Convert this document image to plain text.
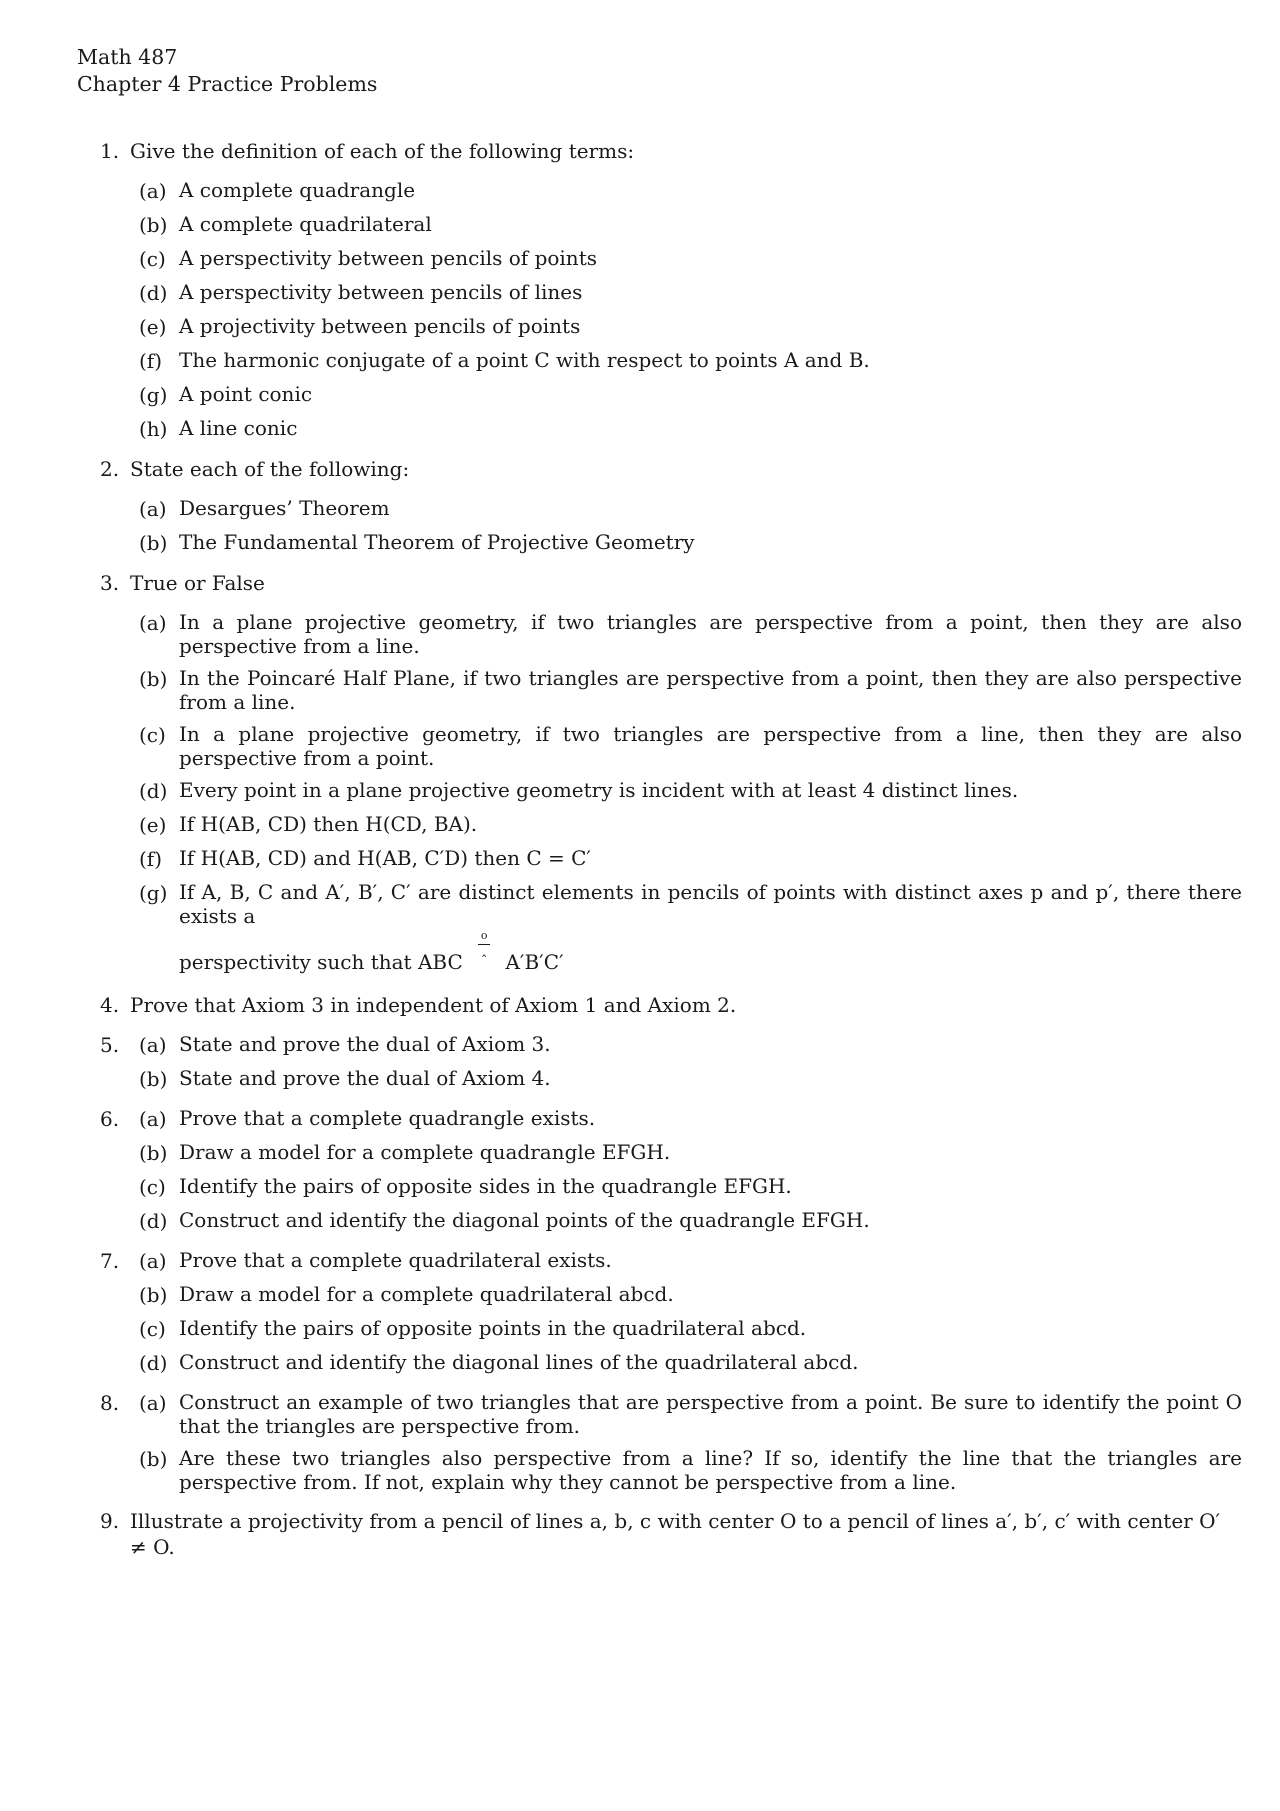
Math 487
Chapter 4 Practice Problems
1. Give the definition of each of the following terms:
(a) A complete quadrangle
(b) A complete quadrilateral
(c) A perspectivity between pencils of points
(d) A perspectivity between pencils of lines
(e) A projectivity between pencils of points
(f) The harmonic conjugate of a point C with respect to points A and B.
(g) A point conic
(h) A line conic
2. State each of the following:
(a) Desargues’ Theorem
(b) The Fundamental Theorem of Projective Geometry
3. True or False
(a) In a plane projective geometry, if two triangles are perspective from a point, then they are also perspective from a line.
(b) In the Poincaré Half Plane, if two triangles are perspective from a point, then they are also perspective from a line.
(c) In a plane projective geometry, if two triangles are perspective from a line, then they are also perspective from a point.
(d) Every point in a plane projective geometry is incident with at least 4 distinct lines.
(e) If H(AB, CD) then H(CD, BA).
(f) If H(AB, CD) and H(AB, C′D) then C = C′
(g) If A, B, C and A′, B′, C′ are distinct elements in pencils of points with distinct axes p and p′, there there exists a
perspectivity such that ABC
o
$^ˆ$ A′B′C′
4. Prove that Axiom 3 in independent of Axiom 1 and Axiom 2.
5. (a) State and prove the dual of Axiom 3.
(b) State and prove the dual of Axiom 4.
6. (a) Prove that a complete quadrangle exists.
(b) Draw a model for a complete quadrangle EFGH.
(c) Identify the pairs of opposite sides in the quadrangle EFGH.
(d) Construct and identify the diagonal points of the quadrangle EFGH.
7. (a) Prove that a complete quadrilateral exists.
(b) Draw a model for a complete quadrilateral abcd.
(c) Identify the pairs of opposite points in the quadrilateral abcd.
(d) Construct and identify the diagonal lines of the quadrilateral abcd.
8. (a) Construct an example of two triangles that are perspective from a point. Be sure to identify the point O that the triangles are perspective from.
(b) Are these two triangles also perspective from a line? If so, identify the line that the triangles are perspective from. If not, explain why they cannot be perspective from a line.
9. Illustrate a projectivity from a pencil of lines a, b, c with center O to a pencil of lines a′, b′, c′ with center O′ ≠ O.
